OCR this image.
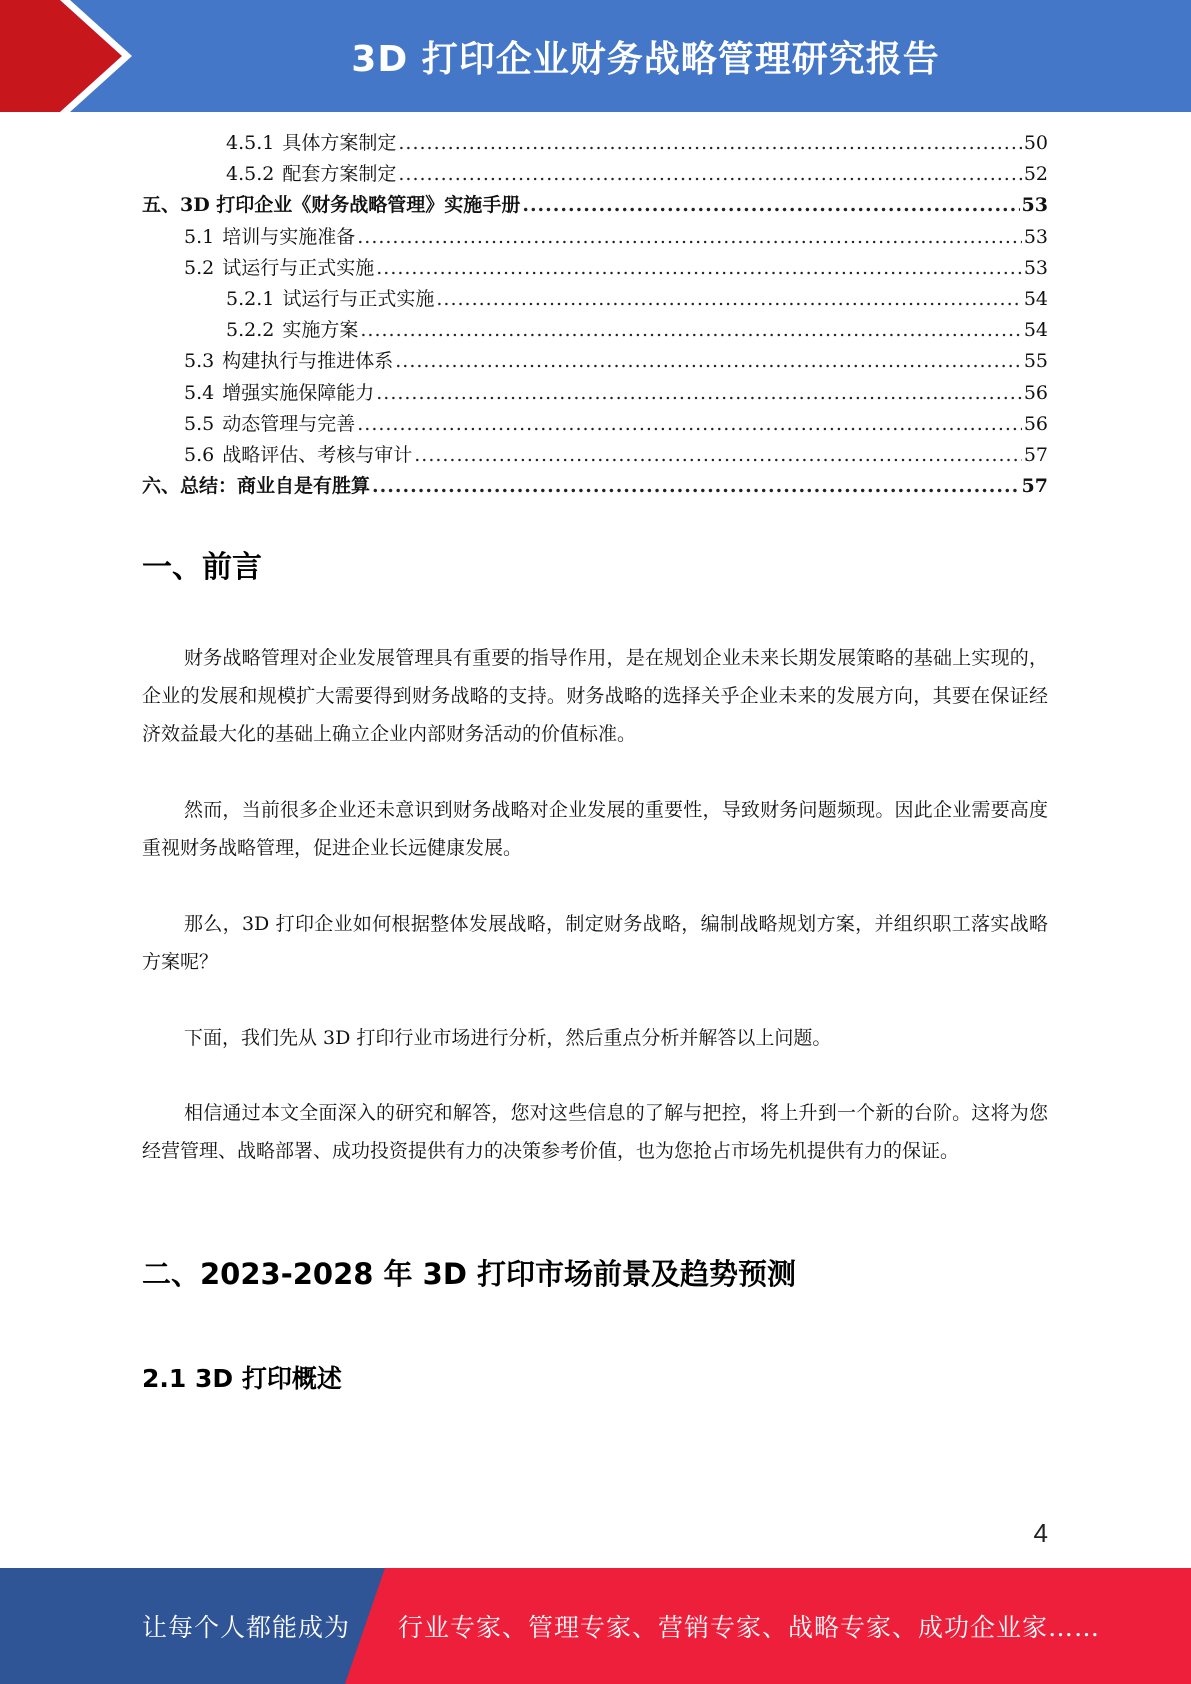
3D 打印企业财务战略管理研究报告
4.5.1 具体方案制定 .....	50
4.5.2 配套方案制定 .....	52
五、3D 打印企业《财务战略管理》实施手册 .....	53
5.1 培训与实施准备 .....	53
5.2 试运行与正式实施 .....	53
5.2.1 试运行与正式实施 .....	54
5.2.2 实施方案 .....	54
5.3 构建执行与推进体系 .....	55
5.4 增强实施保障能力 .....	56
5.5 动态管理与完善 .....	56
5.6 战略评估、考核与审计 .....	57
六、总结：商业自是有胜算 .....	57
一、前言
财务战略管理对企业发展管理具有重要的指导作用，是在规划企业未来长期发展策略的基础上实现的，企业的发展和规模扩大需要得到财务战略的支持。财务战略的选择关乎企业未来的发展方向，其要在保证经济效益最大化的基础上确立企业内部财务活动的价值标准。
然而，当前很多企业还未意识到财务战略对企业发展的重要性，导致财务问题频现。因此企业需要高度重视财务战略管理，促进企业长远健康发展。
那么，3D 打印企业如何根据整体发展战略，制定财务战略，编制战略规划方案，并组织职工落实战略方案呢？
下面，我们先从 3D 打印行业市场进行分析，然后重点分析并解答以上问题。
相信通过本文全面深入的研究和解答，您对这些信息的了解与把控，将上升到一个新的台阶。这将为您经营管理、战略部署、成功投资提供有力的决策参考价值，也为您抢占市场先机提供有力的保证。
二、2023-2028 年 3D 打印市场前景及趋势预测
2.1 3D 打印概述
4
让每个人都能成为 行业专家、管理专家、营销专家、战略专家、成功企业家……
